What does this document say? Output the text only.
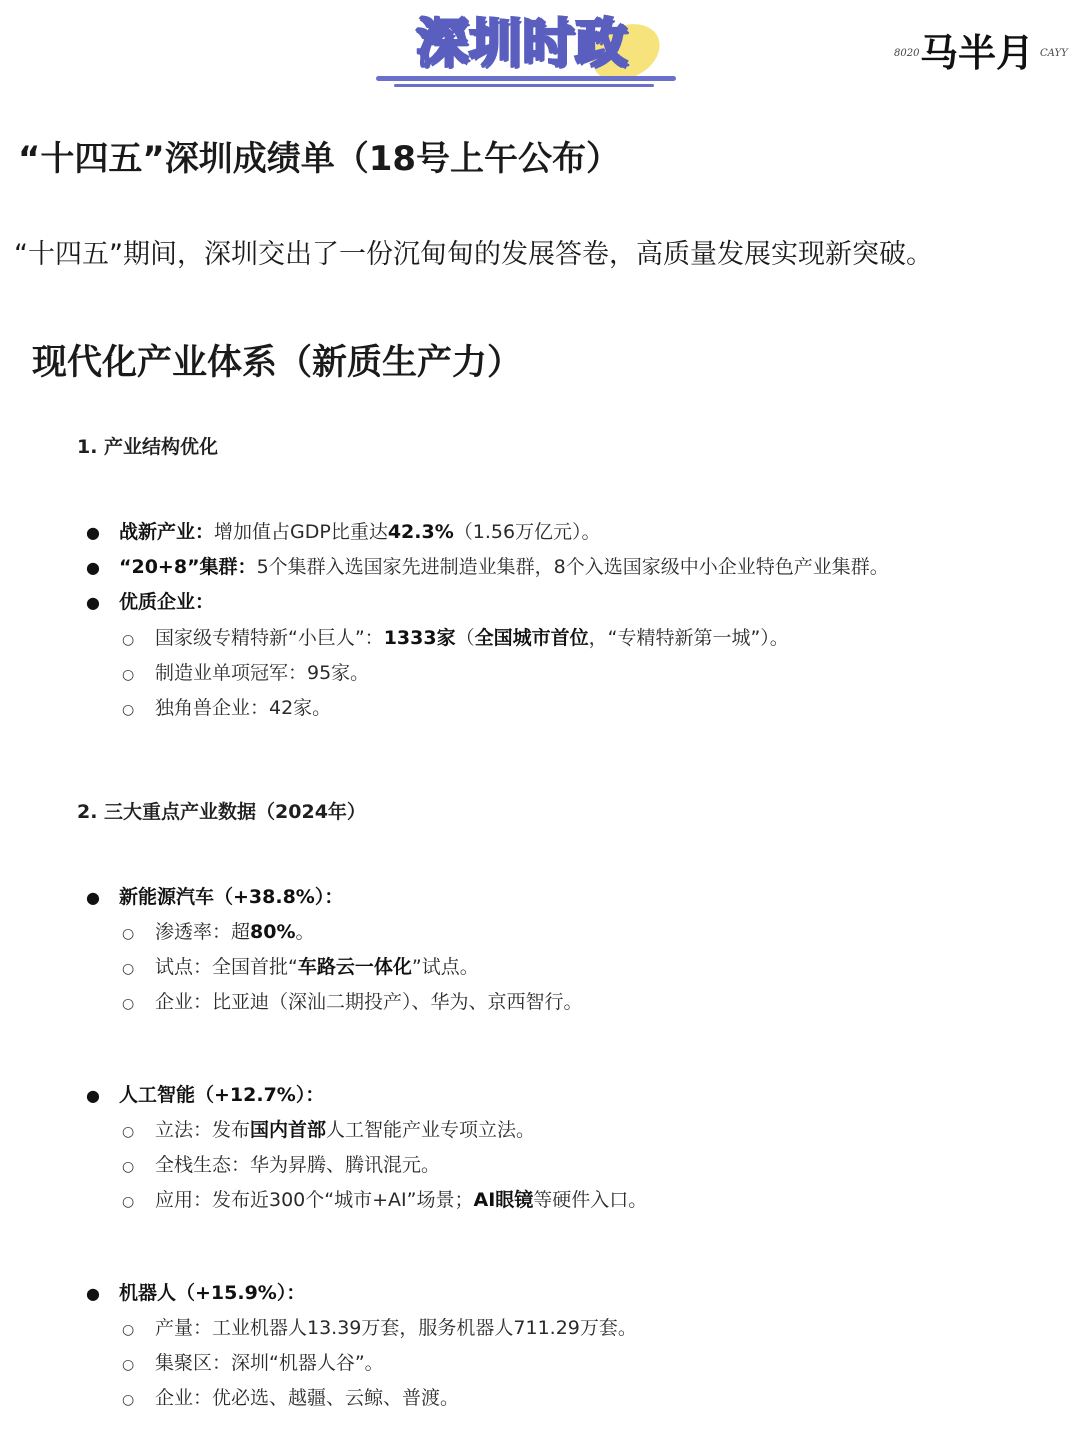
深圳时政	8020 马半月 CAYY
“十四五”深圳成绩单（18号上午公布）
“十四五”期间，深圳交出了一份沉甸甸的发展答卷，高质量发展实现新突破。
现代化产业体系（新质生产力）
1. 产业结构优化
● 战新产业：增加值占GDP比重达42.3%（1.56万亿元）。
● “20+8”集群：5个集群入选国家先进制造业集群，8个入选国家级中小企业特色产业集群。
● 优质企业：
○ 国家级专精特新“小巨人”：1333家（全国城市首位，“专精特新第一城”）。
○ 制造业单项冠军：95家。
○ 独角兽企业：42家。
2. 三大重点产业数据（2024年）
● 新能源汽车（+38.8%）：
○ 渗透率：超80%。
○ 试点：全国首批“车路云一体化”试点。
○ 企业：比亚迪（深汕二期投产）、华为、京西智行。
● 人工智能（+12.7%）：
○ 立法：发布国内首部人工智能产业专项立法。
○ 全栈生态：华为昇腾、腾讯混元。
○ 应用：发布近300个“城市+AI”场景；AI眼镜等硬件入口。
● 机器人（+15.9%）：
○ 产量：工业机器人13.39万套，服务机器人711.29万套。
○ 集聚区：深圳“机器人谷”。
○ 企业：优必选、越疆、云鲸、普渡。
